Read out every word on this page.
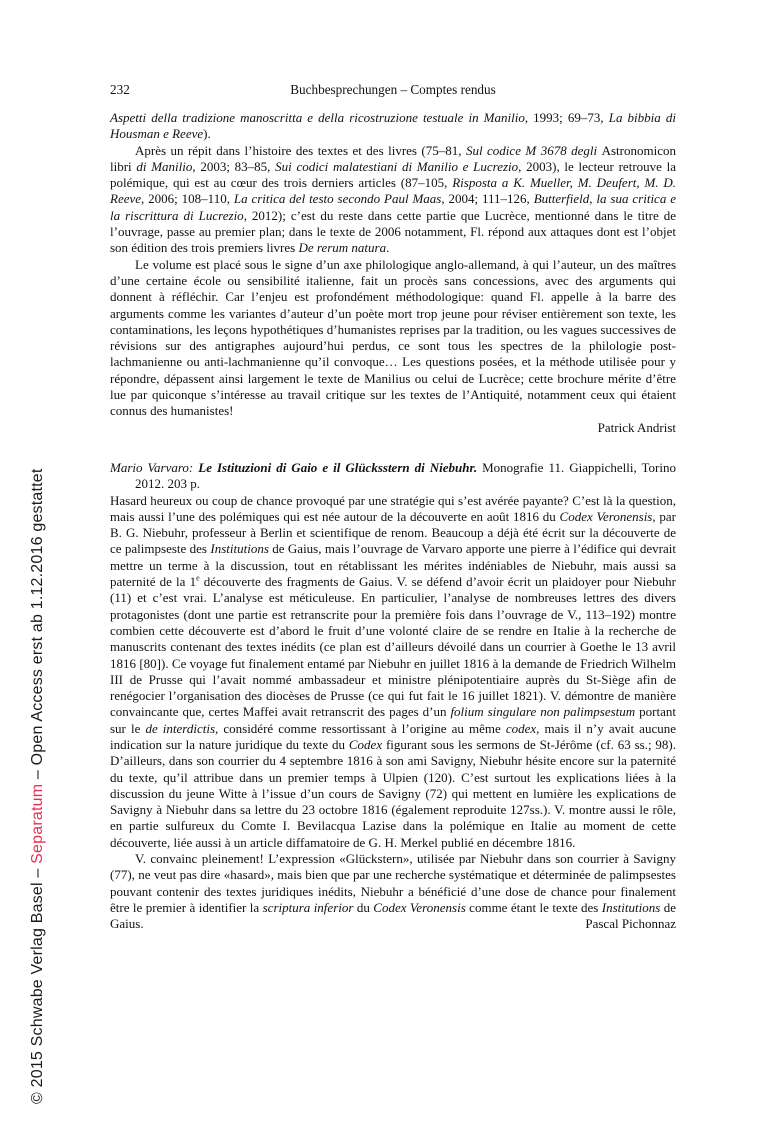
© 2015 Schwabe Verlag Basel – Separatum – Open Access erst ab 1.12.2016 gestattet
232	Buchbesprechungen – Comptes rendus

Aspetti della tradizione manoscritta e della ricostruzione testuale in Manilio, 1993; 69–73, La bibbia di Housman e Reeve).

Après un répit dans l’histoire des textes et des livres (75–81, Sul codice M 3678 degli Astronomicon libri di Manilio, 2003; 83–85, Sui codici malatestiani di Manilio e Lucrezio, 2003), le lecteur retrouve la polémique, qui est au cœur des trois derniers articles (87–105, Risposta a K. Mueller, M. Deufert, M. D. Reeve, 2006; 108–110, La critica del testo secondo Paul Maas, 2004; 111–126, Butterfield, la sua critica e la riscrittura di Lucrezio, 2012); c’est du reste dans cette partie que Lucrèce, mentionné dans le titre de l’ouvrage, passe au premier plan; dans le texte de 2006 notamment, Fl. répond aux attaques dont est l’objet son édition des trois premiers livres De rerum natura.

Le volume est placé sous le signe d’un axe philologique anglo-allemand, à qui l’auteur, un des maîtres d’une certaine école ou sensibilité italienne, fait un procès sans concessions, avec des arguments qui donnent à réfléchir. Car l’enjeu est profondément méthodologique: quand Fl. appelle à la barre des arguments comme les variantes d’auteur d’un poète mort trop jeune pour réviser entièrement son texte, les contaminations, les leçons hypothétiques d’humanistes reprises par la tradition, ou les vagues successives de révisions sur des antigraphes aujourd’hui perdus, ce sont tous les spectres de la philologie post-lachmanienne ou anti-lachmanienne qu’il convoque… Les questions posées, et la méthode utilisée pour y répondre, dépassent ainsi largement le texte de Manilius ou celui de Lucrèce; cette brochure mérite d’être lue par quiconque s’intéresse au travail critique sur les textes de l’Antiquité, notamment ceux qui étaient connus des humanistes!

Patrick Andrist

Mario Varvaro: Le Istituzioni di Gaio e il Glücksstern di Niebuhr. Monografie 11. Giappichelli, Torino 2012. 203 p.

Hasard heureux ou coup de chance provoqué par une stratégie qui s’est avérée payante? C’est là la question, mais aussi l’une des polémiques qui est née autour de la découverte en août 1816 du Codex Veronensis, par B. G. Niebuhr, professeur à Berlin et scientifique de renom. Beaucoup a déjà été écrit sur la découverte de ce palimpseste des Institutions de Gaius, mais l’ouvrage de Varvaro apporte une pierre à l’édifice qui devrait mettre un terme à la discussion, tout en rétablissant les mérites indéniables de Niebuhr, mais aussi sa paternité de la 1e découverte des fragments de Gaius. V. se défend d’avoir écrit un plaidoyer pour Niebuhr (11) et c’est vrai. L’analyse est méticuleuse. En particulier, l’analyse de nombreuses lettres des divers protagonistes (dont une partie est retranscrite pour la première fois dans l’ouvrage de V., 113–192) montre combien cette découverte est d’abord le fruit d’une volonté claire de se rendre en Italie à la recherche de manuscrits contenant des textes inédits (ce plan est d’ailleurs dévoilé dans un courrier à Goethe le 13 avril 1816 [80]). Ce voyage fut finalement entamé par Niebuhr en juillet 1816 à la demande de Friedrich Wilhelm III de Prusse qui l’avait nommé ambassadeur et ministre plénipotentiaire auprès du St-Siège afin de renégocier l’organisation des diocèses de Prusse (ce qui fut fait le 16 juillet 1821). V. démontre de manière convaincante que, certes Maffei avait retranscrit des pages d’un folium singulare non palimpsestum portant sur le de interdictis, considéré comme ressortissant à l’origine au même codex, mais il n’y avait aucune indication sur la nature juridique du texte du Codex figurant sous les sermons de St-Jérôme (cf. 63 ss.; 98). D’ailleurs, dans son courrier du 4 septembre 1816 à son ami Savigny, Niebuhr hésite encore sur la paternité du texte, qu’il attribue dans un premier temps à Ulpien (120). C’est surtout les explications liées à la discussion du jeune Witte à l’issue d’un cours de Savigny (72) qui mettent en lumière les explications de Savigny à Niebuhr dans sa lettre du 23 octobre 1816 (également reproduite 127ss.). V. montre aussi le rôle, en partie sulfureux du Comte I. Bevilacqua Lazise dans la polémique en Italie au moment de cette découverte, liée aussi à un article diffamatoire de G. H. Merkel publié en décembre 1816.

V. convainc pleinement! L’expression «Glückstern», utilisée par Niebuhr dans son courrier à Savigny (77), ne veut pas dire «hasard», mais bien que par une recherche systématique et déterminée de palimpsestes pouvant contenir des textes juridiques inédits, Niebuhr a bénéficié d’une dose de chance pour finalement être le premier à identifier la scriptura inferior du Codex Veronensis comme étant le texte des Institutions de Gaius.	Pascal Pichonnaz
